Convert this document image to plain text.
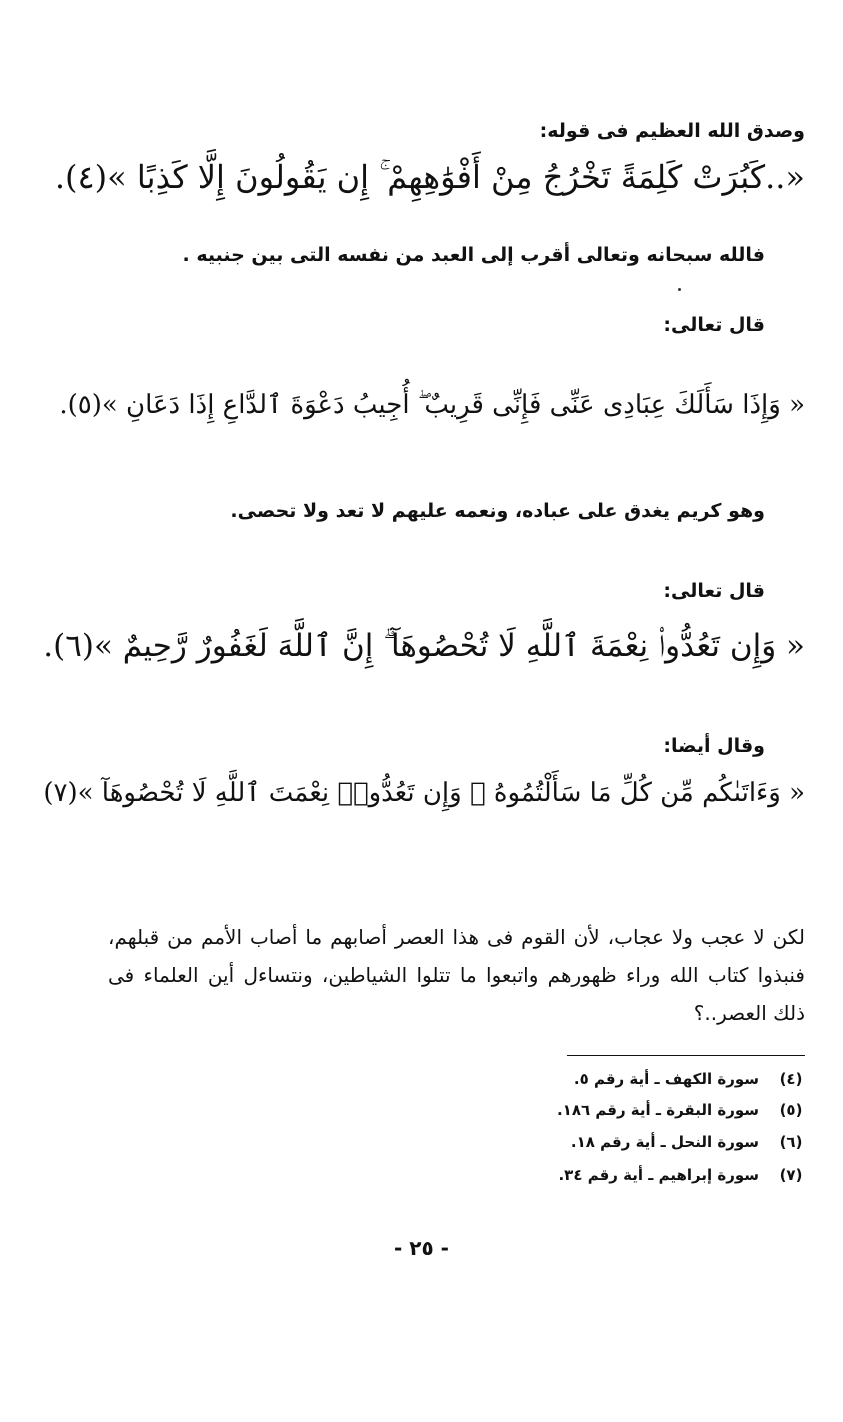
وصدق الله العظيم فى قوله:
«..كَبُرَتْ كَلِمَةً تَخْرُجُ مِنْ أَفْوَٰهِهِمْ ۚ إِن يَقُولُونَ إِلَّا كَذِبًا »(٤).
فالله سبحانه وتعالى أقرب إلى العبد من نفسه التى بين جنبيه .
قال تعالى:
« وَإِذَا سَأَلَكَ عِبَادِى عَنِّى فَإِنِّى قَرِيبٌ ۖ أُجِيبُ دَعْوَةَ ٱلدَّاعِ إِذَا دَعَانِ »(٥).
وهو كريم يغدق على عباده، ونعمه عليهم لا تعد ولا تحصى.
قال تعالى:
« وَإِن تَعُدُّوا۟ نِعْمَةَ ٱللَّهِ لَا تُحْصُوهَآ ۗ إِنَّ ٱللَّهَ لَغَفُورٌ رَّحِيمٌ »(٦).
وقال أيضا:
« وَءَاتَىٰكُم مِّن كُلِّ مَا سَأَلْتُمُوهُ ۚ وَإِن تَعُدُّوا۟ نِعْمَتَ ٱللَّهِ لَا تُحْصُوهَآ »(٧)
لكن لا عجب ولا عجاب، لأن القوم فى هذا العصر أصابهم ما أصاب الأمم من قبلهم، فنبذوا كتاب الله وراء ظهورهم واتبعوا ما تتلوا الشياطين، ونتساءل أين العلماء فى ذلك العصر..؟
(٤)
سورة الكهف ـ أية رقم ٥.
(٥)
سورة البقرة ـ أية رقم ١٨٦.
(٦)
سورة النحل ـ أية رقم ١٨.
(٧)
سورة إبراهيم ـ أية رقم ٣٤.
- ٢٥ -
